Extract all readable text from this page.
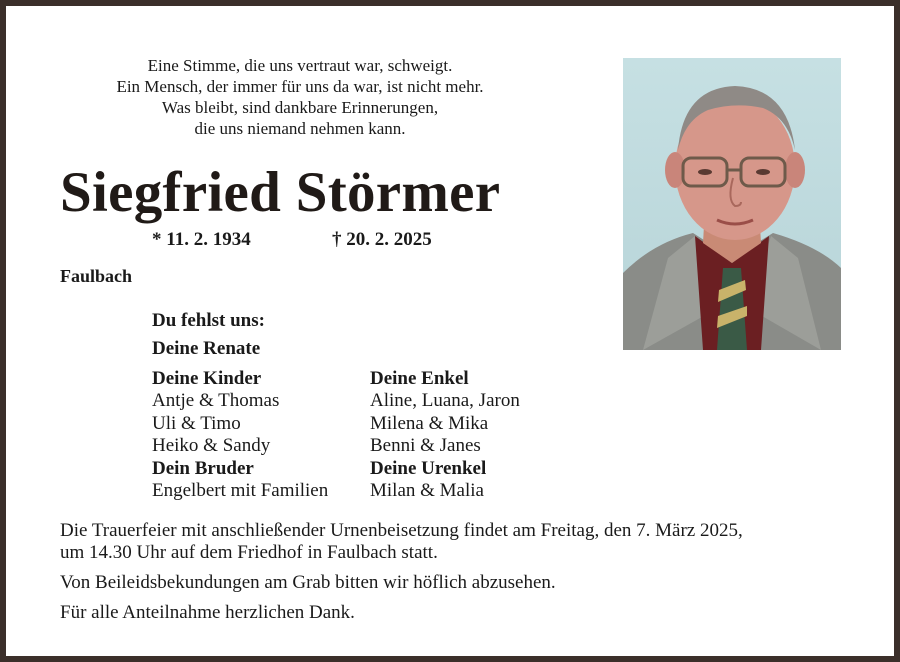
Eine Stimme, die uns vertraut war, schweigt.
Ein Mensch, der immer für uns da war, ist nicht mehr.
Was bleibt, sind dankbare Erinnerungen,
die uns niemand nehmen kann.
Siegfried Störmer
* 11. 2. 1934	† 20. 2. 2025
Faulbach
Du fehlst uns:
Deine Renate
Deine Kinder
Antje & Thomas
Uli & Timo
Heiko & Sandy
Dein Bruder
Engelbert mit Familien
Deine Enkel
Aline, Luana, Jaron
Milena & Mika
Benni & Janes
Deine Urenkel
Milan & Malia
Die Trauerfeier mit anschließender Urnenbeisetzung findet am Freitag, den 7. März 2025,
um 14.30 Uhr auf dem Friedhof in Faulbach statt.
Von Beileidsbekundungen am Grab bitten wir höflich abzusehen.
Für alle Anteilnahme herzlichen Dank.
